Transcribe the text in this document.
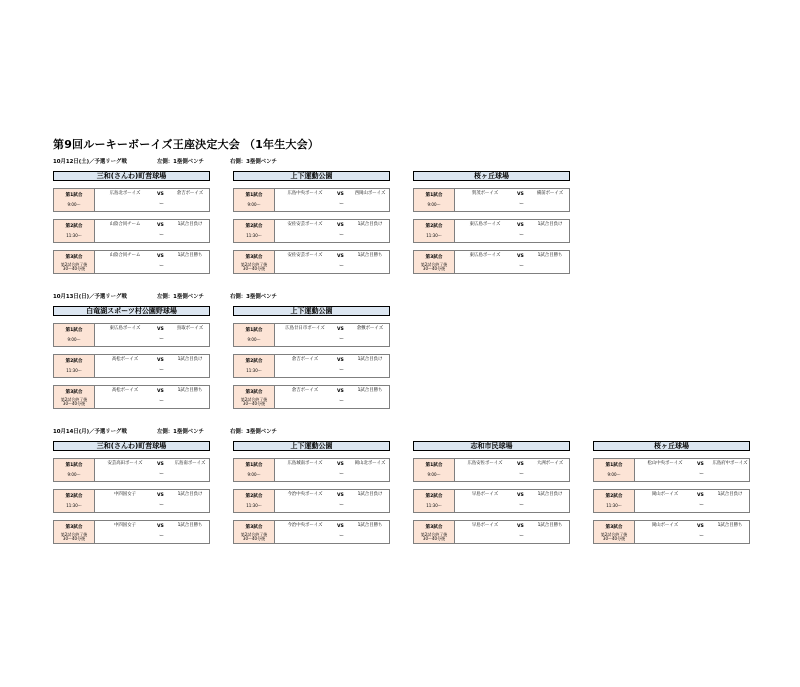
第9回ルーキーボーイズ王座決定大会 （1年生大会）
10月12日(土)／予選リーグ戦	左側：1塁側ベンチ	右側：3塁側ベンチ
三和(さんわ)町営球場
第1試合
9:00～
広島北ボーイズ	VS	倉吉ボーイズ
ー
第2試合
11:30～
山陰合同チーム	VS	1試合目負け
ー
第3試合
第2試合終了後
30～40分後
山陰合同チーム	VS	1試合目勝ち
ー
上下運動公園
第1試合
9:00～
広島中央ボーイズ	VS	西岡山ボーイズ
ー
第2試合
11:30～
安佐安芸ボーイズ	VS	1試合目負け
ー
第3試合
第2試合終了後
30～40分後
安佐安芸ボーイズ	VS	1試合目勝ち
ー
桜ヶ丘球場
第1試合
9:00～
賀茂ボーイズ	VS	備前ボーイズ
ー
第2試合
11:30～
東広島ボーイズ	VS	1試合目負け
ー
第3試合
第2試合終了後
30～40分後
東広島ボーイズ	VS	1試合目勝ち
ー
10月13日(日)／予選リーグ戦	左側：1塁側ベンチ	右側：3塁側ベンチ
白竜湖スポーツ村公園野球場
第1試合
9:00～
東広島ボーイズ	VS	鳥取ボーイズ
ー
第2試合
11:30～
高松ボーイズ	VS	1試合目負け
ー
第3試合
第2試合終了後
30～40分後
高松ボーイズ	VS	1試合目勝ち
ー
上下運動公園
第1試合
9:00～
広島廿日市ボーイズ	VS	倉敷ボーイズ
ー
第2試合
11:30～
倉吉ボーイズ	VS	1試合目負け
ー
第3試合
第2試合終了後
30～40分後
倉吉ボーイズ	VS	1試合目勝ち
ー
10月14日(月)／予選リーグ戦	左側：1塁側ベンチ	右側：3塁側ベンチ
三和(さんわ)町営球場
第1試合
9:00～
安芸高田ボーイズ	VS	広島南ボーイズ
ー
第2試合
11:30～
中四国女子	VS	1試合目負け
ー
第3試合
第2試合終了後
30～40分後
中四国女子	VS	1試合目勝ち
ー
上下運動公園
第1試合
9:00～
広島城南ボーイズ	VS	岡山北ボーイズ
ー
第2試合
11:30～
今治中央ボーイズ	VS	1試合目負け
ー
第3試合
第2試合終了後
30～40分後
今治中央ボーイズ	VS	1試合目勝ち
ー
志和市民球場
第1試合
9:00～
広島安佐ボーイズ	VS	大洲ボーイズ
ー
第2試合
11:30～
早島ボーイズ	VS	1試合目負け
ー
第3試合
第2試合終了後
30～40分後
早島ボーイズ	VS	1試合目勝ち
ー
桜ヶ丘球場
第1試合
9:00～
松山中央ボーイズ	VS	広島府中ボーイズ
ー
第2試合
11:30～
岡山ボーイズ	VS	1試合目負け
ー
第3試合
第2試合終了後
30～40分後
岡山ボーイズ	VS	1試合目勝ち
ー
